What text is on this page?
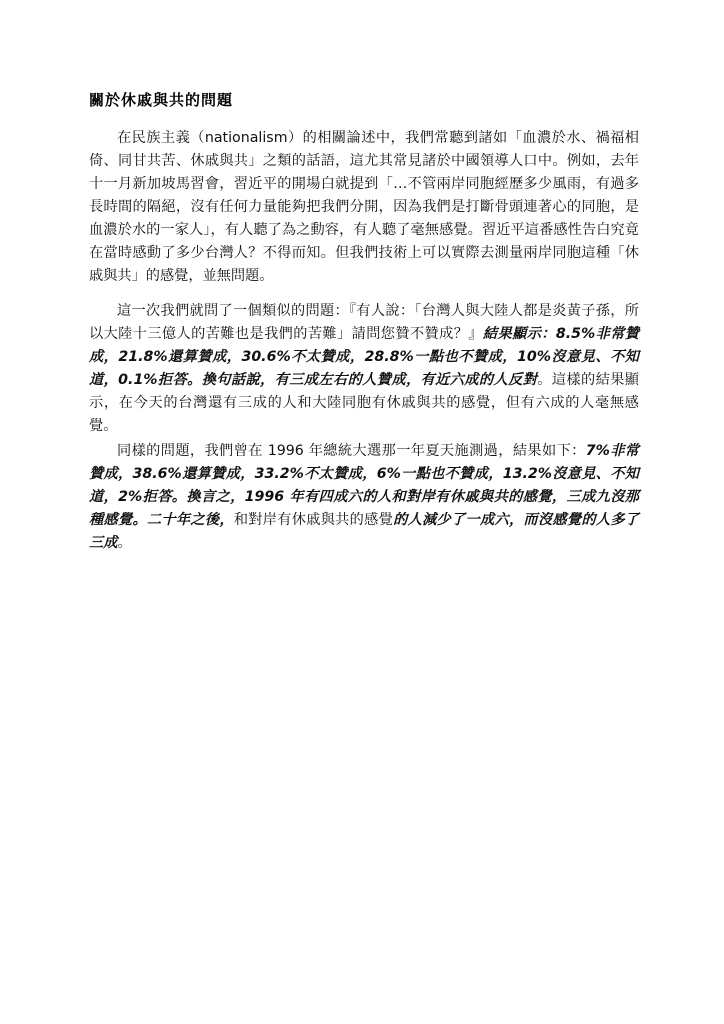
關於休戚與共的問題

在民族主義（nationalism）的相關論述中，我們常聽到諸如「血濃於水、禍福相倚、同甘共苦、休戚與共」之類的話語，這尤其常見諸於中國領導人口中。例如，去年十一月新加坡馬習會，習近平的開場白就提到「…不管兩岸同胞經歷多少風雨，有過多長時間的隔絕，沒有任何力量能夠把我們分開，因為我們是打斷骨頭連著心的同胞，是血濃於水的一家人」，有人聽了為之動容，有人聽了毫無感覺。習近平這番感性告白究竟在當時感動了多少台灣人？不得而知。但我們技術上可以實際去測量兩岸同胞這種「休戚與共」的感覺，並無問題。

這一次我們就問了一個類似的問題：『有人說：「台灣人與大陸人都是炎黃子孫，所以大陸十三億人的苦難也是我們的苦難」請問您贊不贊成？』結果顯示：8.5%非常贊成，21.8%還算贊成，30.6%不太贊成，28.8%一點也不贊成，10%沒意見、不知道，0.1%拒答。換句話說，有三成左右的人贊成，有近六成的人反對。這樣的結果顯示，在今天的台灣還有三成的人和大陸同胞有休戚與共的感覺，但有六成的人毫無感覺。

同樣的問題，我們曾在 1996 年總統大選那一年夏天施測過，結果如下：7%非常贊成，38.6%還算贊成，33.2%不太贊成，6%一點也不贊成，13.2%沒意見、不知道，2%拒答。換言之，1996 年有四成六的人和對岸有休戚與共的感覺，三成九沒那種感覺。二十年之後，和對岸有休戚與共的感覺的人減少了一成六，而沒感覺的人多了三成。
